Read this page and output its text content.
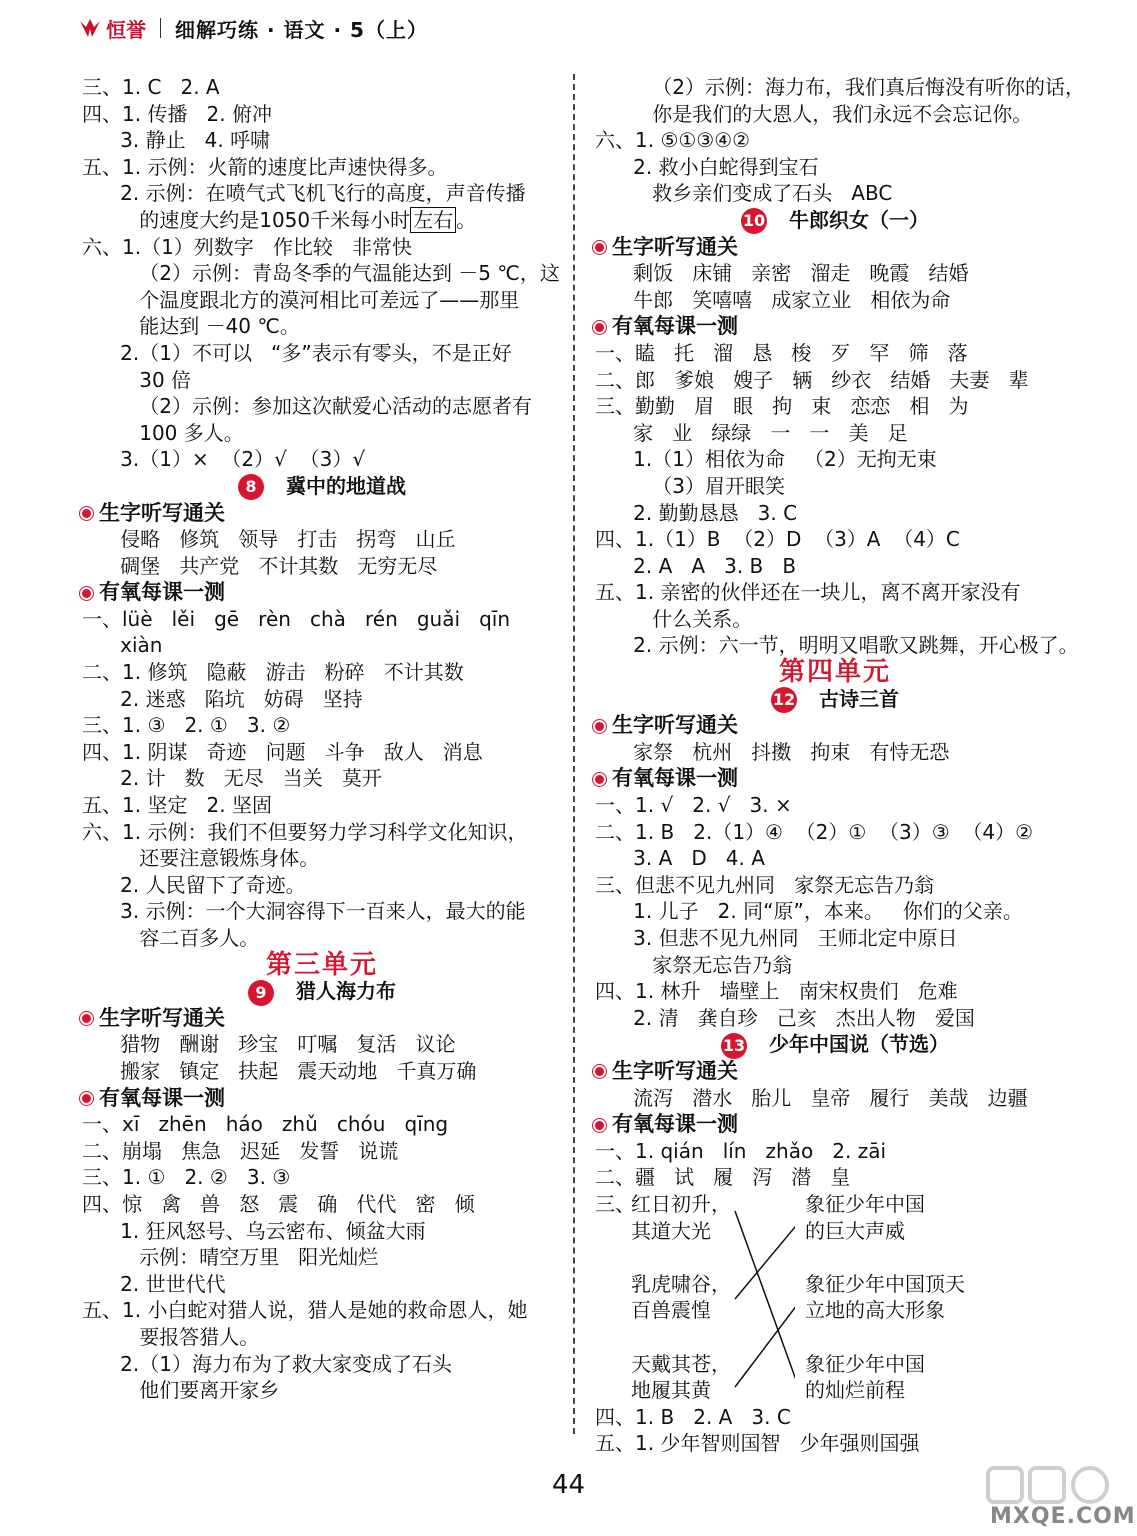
恒誉 细解巧练 · 语文 · 5（上）
三、1. C   2. A
四、1. 传播   2. 俯冲
3. 静止   4. 呼啸
五、1. 示例：火箭的速度比声速快得多。
2. 示例：在喷气式飞机飞行的高度，声音传播
的速度大约是1050千米每小时 左右 。
六、1.（1）列数字   作比较   非常快
（2）示例：青岛冬季的气温能达到 －5 ℃，这
个温度跟北方的漠河相比可差远了——那里
能达到 －40 ℃。
2.（1）不可以   “多”表示有零头，不是正好
30 倍
（2）示例：参加这次献爱心活动的志愿者有
100 多人。
3.（1）×  （2）√  （3）√
8 冀中的地道战
生字听写通关
侵略   修筑   领导   打击   拐弯   山丘
碉堡   共产党   不计其数   无穷无尽
有氧每课一测
一、lüè   lěi   gē   rèn   chà   rén   guǎi   qīn
xiàn
二、1. 修筑   隐蔽   游击   粉碎   不计其数
2. 迷惑   陷坑   妨碍   坚持
三、1. ③   2. ①   3. ②
四、1. 阴谋   奇迹   问题   斗争   敌人   消息
2. 计   数   无尽   当关   莫开
五、1. 坚定   2. 坚固
六、1. 示例：我们不但要努力学习科学文化知识，
还要注意锻炼身体。
2. 人民留下了奇迹。
3. 示例：一个大洞容得下一百来人，最大的能
容二百多人。
第三单元
9 猎人海力布
生字听写通关
猎物   酬谢   珍宝   叮嘱   复活   议论
搬家   镇定   扶起   震天动地   千真万确
有氧每课一测
一、xī   zhēn   háo   zhǔ   chóu   qīng
二、崩塌   焦急   迟延   发誓   说谎
三、1. ①   2. ②   3. ③
四、惊   禽   兽   怒   震   确   代代   密   倾
1. 狂风怒号、乌云密布、倾盆大雨
示例：晴空万里   阳光灿烂
2. 世世代代
五、1. 小白蛇对猎人说，猎人是她的救命恩人，她
要报答猎人。
2.（1）海力布为了救大家变成了石头
他们要离开家乡
（2）示例：海力布，我们真后悔没有听你的话，
你是我们的大恩人，我们永远不会忘记你。
六、1. ⑤①③④②
2. 救小白蛇得到宝石
救乡亲们变成了石头   ABC
10 牛郎织女（一）
生字听写通关
剩饭   床铺   亲密   溜走   晚霞   结婚
牛郎   笑嘻嘻   成家立业   相依为命
有氧每课一测
一、瞌   托   溜   恳   梭   歹   罕   筛   落
二、郎   爹娘   嫂子   辆   纱衣   结婚   夫妻   辈
三、勤勤   眉   眼   拘   束   恋恋   相   为
家   业   绿绿   一   一   美   足
1.（1）相依为命   （2）无拘无束
（3）眉开眼笑
2. 勤勤恳恳   3. C
四、1.（1）B  （2）D  （3）A  （4）C
2. A   A   3. B   B
五、1. 亲密的伙伴还在一块儿，离不离开家没有
什么关系。
2. 示例：六一节，明明又唱歌又跳舞，开心极了。
第四单元
12 古诗三首
生字听写通关
家祭   杭州   抖擞   拘束   有恃无恐
有氧每课一测
一、1. √   2. √   3. ×
二、1. B   2.（1）④  （2）①  （3）③  （4）②
3. A   D   4. A
三、但悲不见九州同   家祭无忘告乃翁
1. 儿子   2. 同“原”，本来。   你们的父亲。
3. 但悲不见九州同   王师北定中原日
家祭无忘告乃翁
四、1. 林升   墙壁上   南宋权贵们   危难
2. 清   龚自珍   己亥   杰出人物   爱国
13 少年中国说（节选）
生字听写通关
流泻   潜水   胎儿   皇帝   履行   美哉   边疆
有氧每课一测
一、1. qián   lín   zhǎo   2. zāi
二、疆   试   履   泻   潜   皇
三、
红日初升，
其道大光
乳虎啸谷，
百兽震惶
天戴其苍，
地履其黄
象征少年中国
的巨大声威
象征少年中国顶天
立地的高大形象
象征少年中国
的灿烂前程
四、1. B   2. A   3. C
五、1. 少年智则国智   少年强则国强
44
MXQE.COM
